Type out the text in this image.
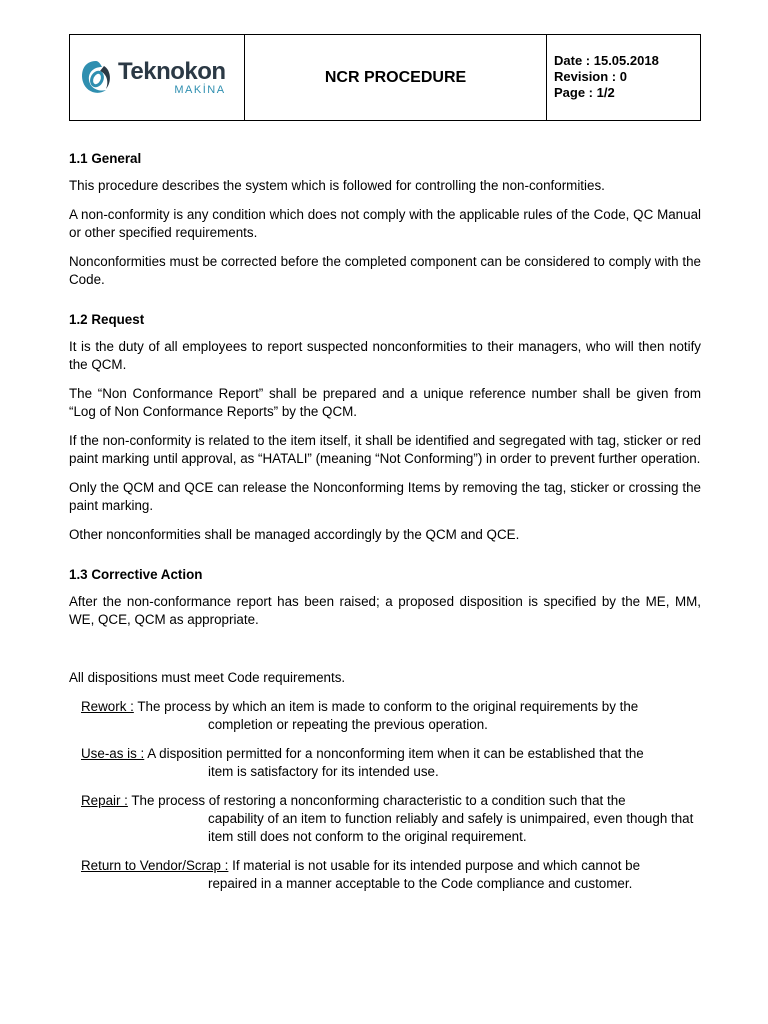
Teknokon
MAKİNA
NCR PROCEDURE
Date : 15.05.2018
Revision : 0
Page : 1/2
1.1 General

This procedure describes the system which is followed for controlling the non-conformities.

A non-conformity is any condition which does not comply with the applicable rules of the Code, QC Manual or other specified requirements.

Nonconformities must be corrected before the completed component can be considered to comply with the Code.

1.2 Request

It is the duty of all employees to report suspected nonconformities to their managers, who will then notify the QCM.

The “Non Conformance Report” shall be prepared and a unique reference number shall be given from “Log of Non Conformance Reports” by the QCM.

If the non-conformity is related to the item itself, it shall be identified and segregated with tag, sticker or red paint marking until approval, as “HATALI” (meaning “Not Conforming”) in order to prevent further operation.

Only the QCM and QCE can release the Nonconforming Items by removing the tag, sticker or crossing the paint marking.

Other nonconformities shall be managed accordingly by the QCM and QCE.

1.3 Corrective Action

After the non-conformance report has been raised; a proposed disposition is specified by the ME, MM, WE, QCE, QCM as appropriate.

All dispositions must meet Code requirements.

Rework : The process by which an item is made to conform to the original requirements by the
completion or repeating the previous operation.
Use-as is : A disposition permitted for a nonconforming item when it can be established that the
item is satisfactory for its intended use.
Repair : The process of restoring a nonconforming characteristic to a condition such that the
capability of an item to function reliably and safely is unimpaired, even though that item still does not conform to the original requirement.
Return to Vendor/Scrap : If material is not usable for its intended purpose and which cannot be
repaired in a manner acceptable to the Code compliance and customer.
